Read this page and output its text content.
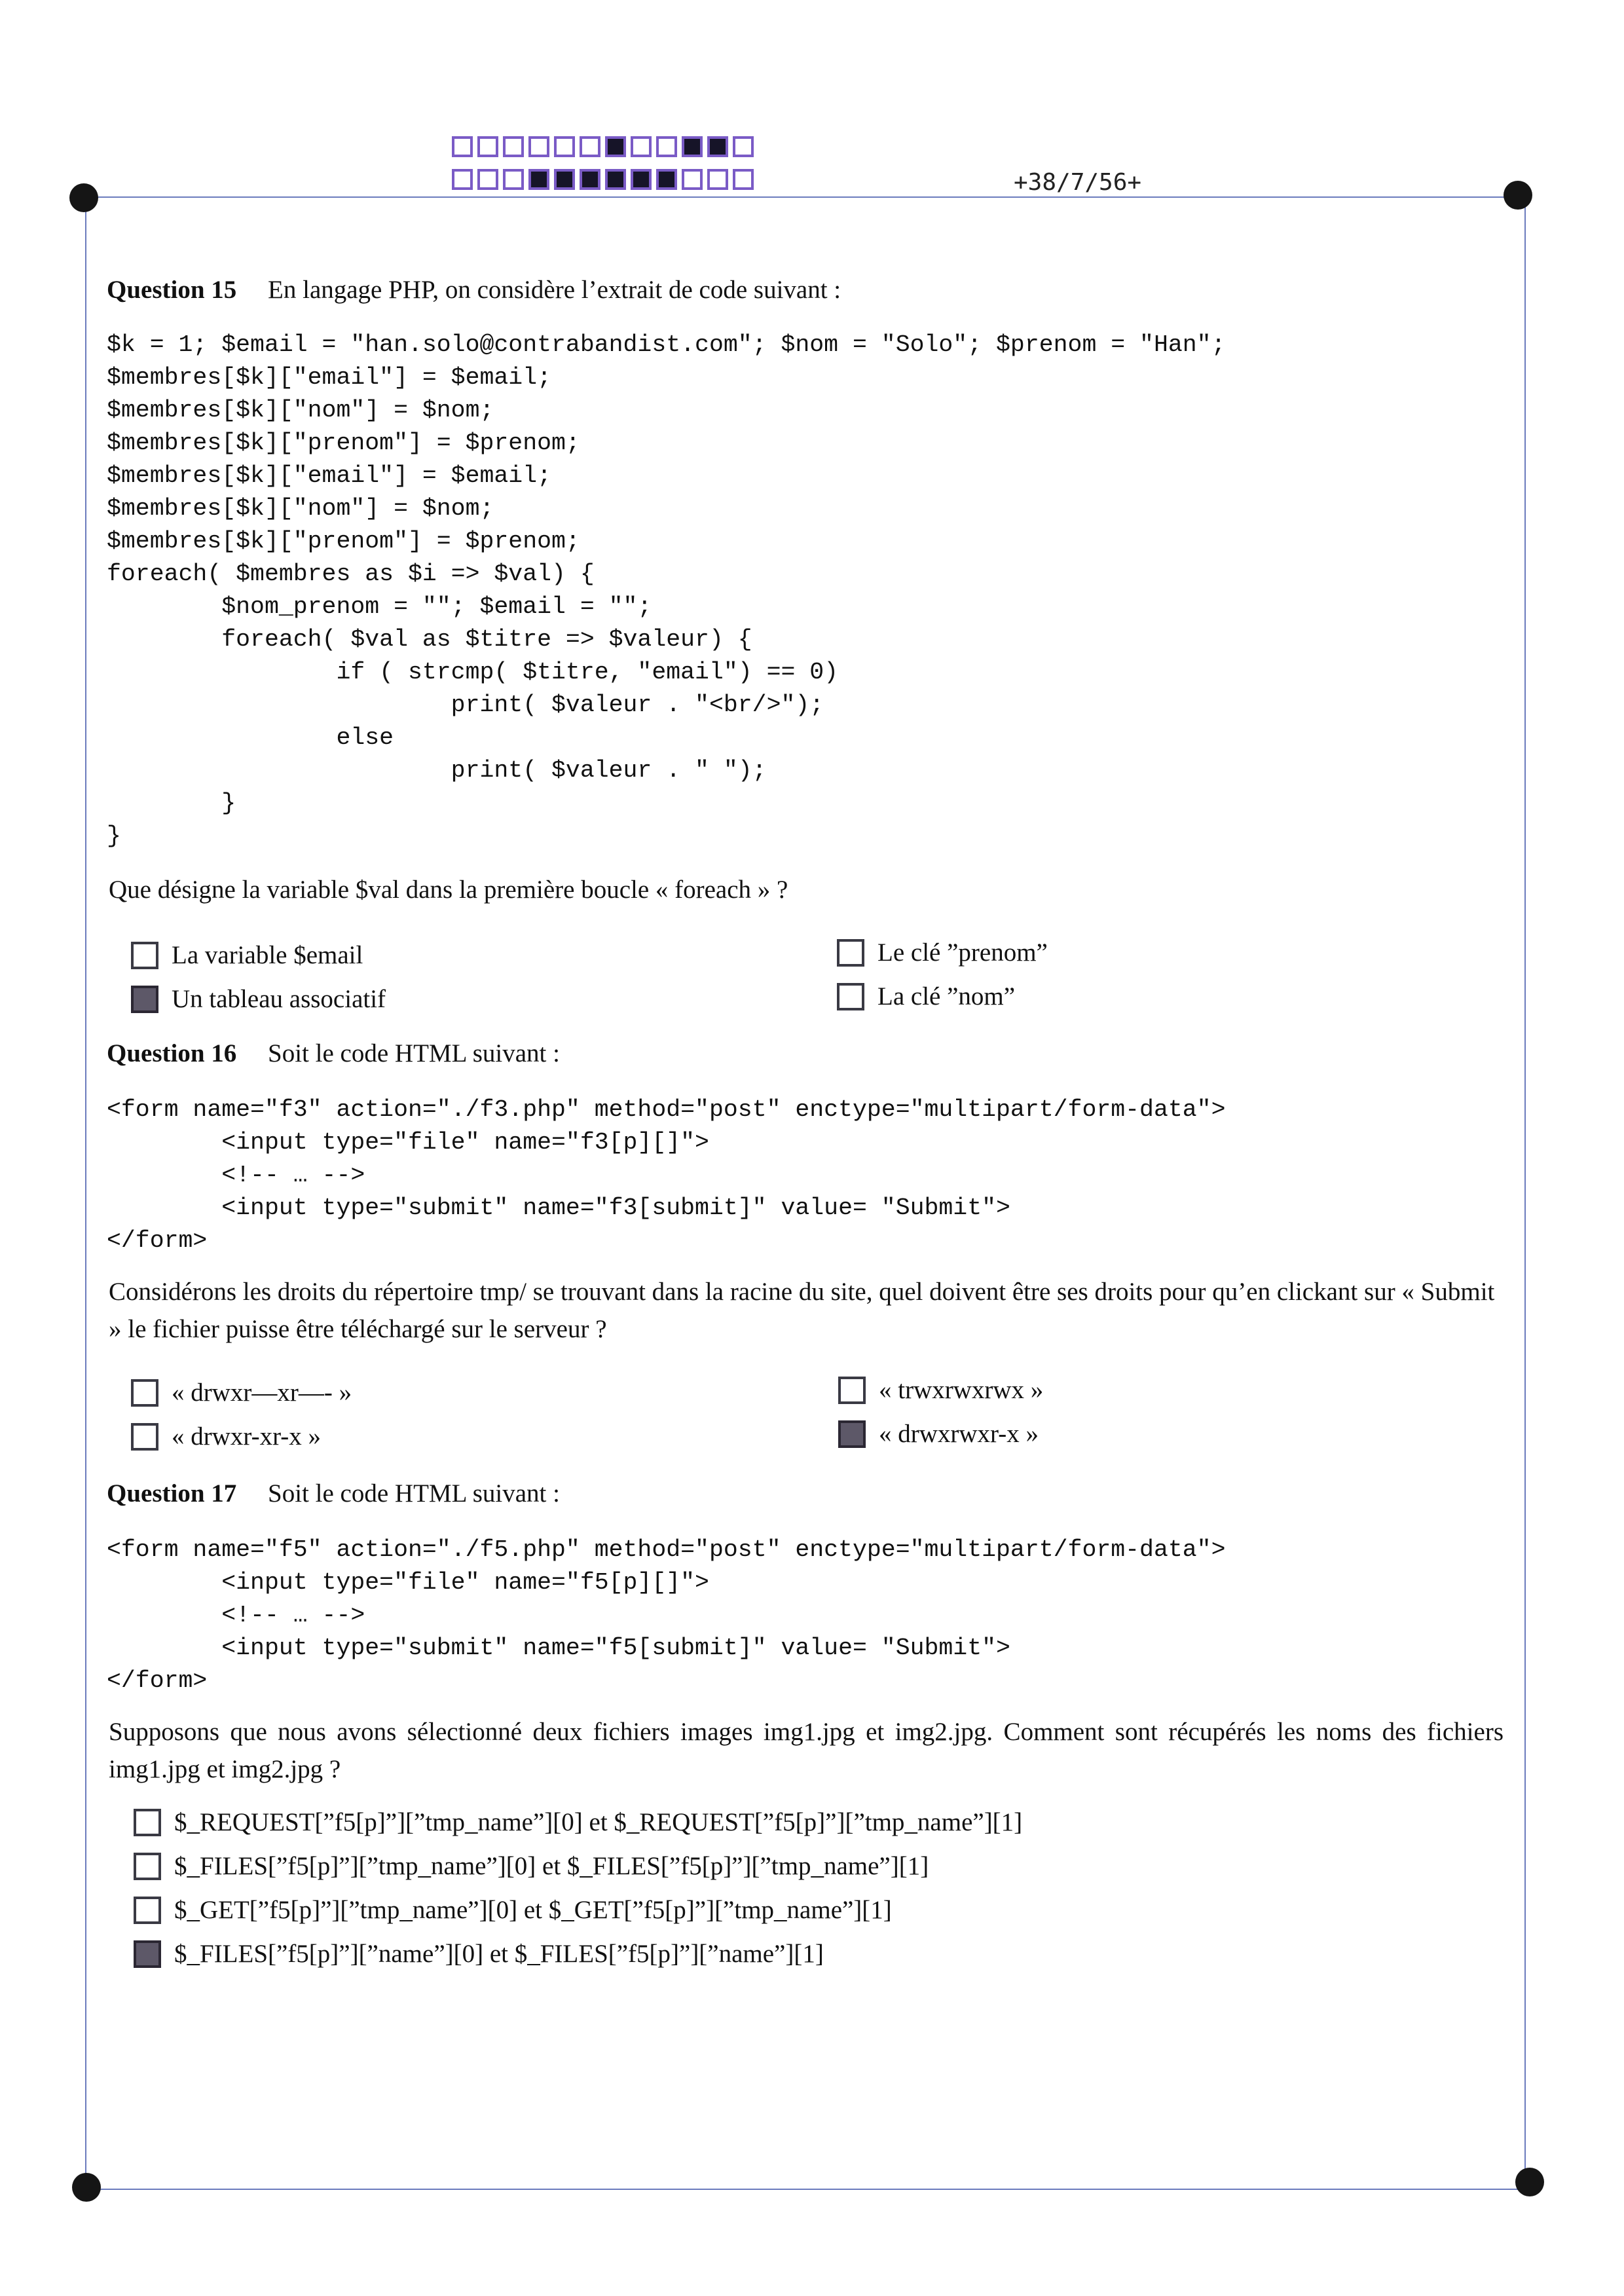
+38/7/56+
Question 15 En langage PHP, on considère l’extrait de code suivant :
$k = 1; $email = "han.solo@contrabandist.com"; $nom = "Solo"; $prenom = "Han";
$membres[$k]["email"] = $email;
$membres[$k]["nom"] = $nom;
$membres[$k]["prenom"] = $prenom;
$membres[$k]["email"] = $email;
$membres[$k]["nom"] = $nom;
$membres[$k]["prenom"] = $prenom;
foreach( $membres as $i => $val) {
$nom_prenom = ""; $email = "";
foreach( $val as $titre => $valeur) {
if ( strcmp( $titre, "email") == 0)
print( $valeur . "<br/>");
else
print( $valeur . " ");
}
}
Que désigne la variable $val dans la première boucle « foreach » ?
La variable $email
Un tableau associatif
Le clé ”prenom”
La clé ”nom”
Question 16 Soit le code HTML suivant :
<form name="f3" action="./f3.php" method="post" enctype="multipart/form-data">
<input type="file" name="f3[p][]">
<!-- … -->
<input type="submit" name="f3[submit]" value= "Submit">
</form>
Considérons les droits du répertoire tmp/ se trouvant dans la racine du site, quel doivent être ses droits pour qu’en clickant sur « Submit » le fichier puisse être téléchargé sur le serveur ?
« drwxr—xr—- »
« drwxr-xr-x »
« trwxrwxrwx »
« drwxrwxr-x »
Question 17 Soit le code HTML suivant :
<form name="f5" action="./f5.php" method="post" enctype="multipart/form-data">
<input type="file" name="f5[p][]">
<!-- … -->
<input type="submit" name="f5[submit]" value= "Submit">
</form>
Supposons que nous avons sélectionné deux fichiers images img1.jpg et img2.jpg. Comment sont récupérés les noms des fichiers img1.jpg et img2.jpg ?
$_REQUEST[”f5[p]”][”tmp_name”][0] et $_REQUEST[”f5[p]”][”tmp_name”][1]
$_FILES[”f5[p]”][”tmp_name”][0] et $_FILES[”f5[p]”][”tmp_name”][1]
$_GET[”f5[p]”][”tmp_name”][0] et $_GET[”f5[p]”][”tmp_name”][1]
$_FILES[”f5[p]”][”name”][0] et $_FILES[”f5[p]”][”name”][1]
